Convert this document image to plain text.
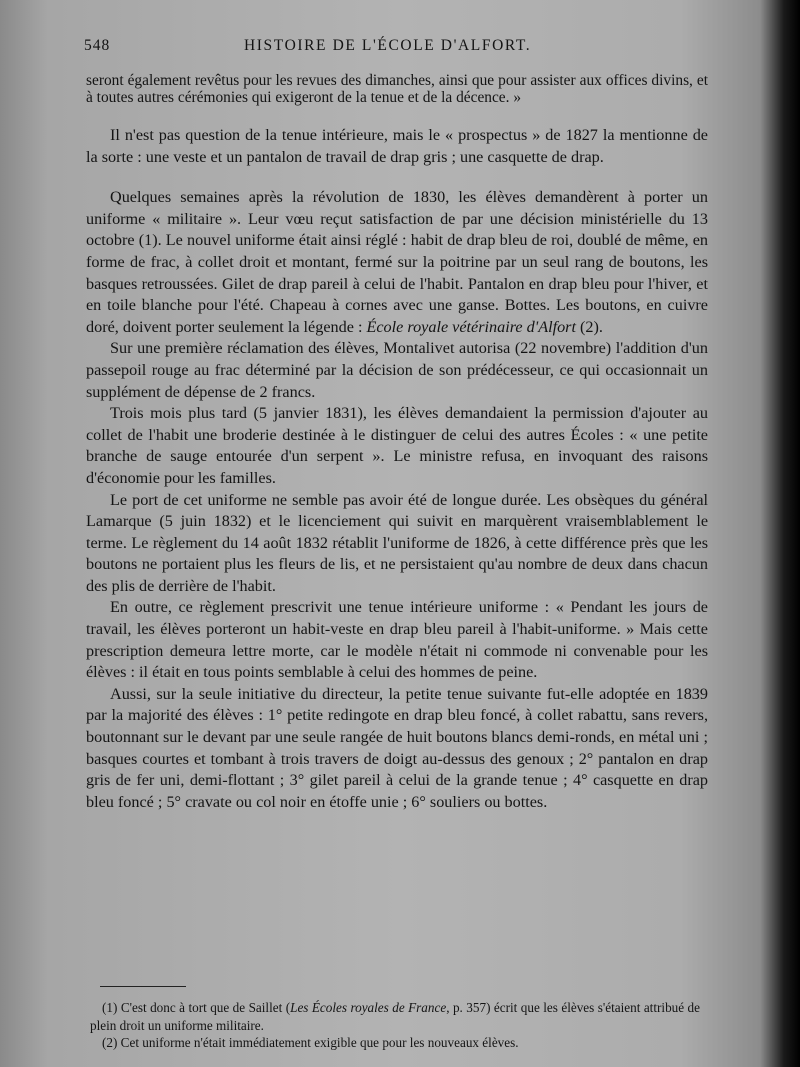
548	HISTOIRE DE L'ÉCOLE D'ALFORT.

seront également revêtus pour les revues des dimanches, ainsi que pour assister aux offices divins, et à toutes autres cérémonies qui exigeront de la tenue et de la décence. »

Il n'est pas question de la tenue intérieure, mais le « prospectus » de 1827 la mentionne de la sorte : une veste et un pantalon de travail de drap gris ; une casquette de drap.

Quelques semaines après la révolution de 1830, les élèves demandèrent à porter un uniforme « militaire ». Leur vœu reçut satisfaction de par une décision ministérielle du 13 octobre (1). Le nouvel uniforme était ainsi réglé : habit de drap bleu de roi, doublé de même, en forme de frac, à collet droit et montant, fermé sur la poitrine par un seul rang de boutons, les basques retroussées. Gilet de drap pareil à celui de l'habit. Pantalon en drap bleu pour l'hiver, et en toile blanche pour l'été. Chapeau à cornes avec une ganse. Bottes. Les boutons, en cuivre doré, doivent porter seulement la légende : École royale vétérinaire d'Alfort (2).

Sur une première réclamation des élèves, Montalivet autorisa (22 novembre) l'addition d'un passepoil rouge au frac déterminé par la décision de son prédécesseur, ce qui occasionnait un supplément de dépense de 2 francs.

Trois mois plus tard (5 janvier 1831), les élèves demandaient la permission d'ajouter au collet de l'habit une broderie destinée à le distinguer de celui des autres Écoles : « une petite branche de sauge entourée d'un serpent ». Le ministre refusa, en invoquant des raisons d'économie pour les familles.

Le port de cet uniforme ne semble pas avoir été de longue durée. Les obsèques du général Lamarque (5 juin 1832) et le licenciement qui suivit en marquèrent vraisemblablement le terme. Le règlement du 14 août 1832 rétablit l'uniforme de 1826, à cette différence près que les boutons ne portaient plus les fleurs de lis, et ne persistaient qu'au nombre de deux dans chacun des plis de derrière de l'habit.

En outre, ce règlement prescrivit une tenue intérieure uniforme : « Pendant les jours de travail, les élèves porteront un habit-veste en drap bleu pareil à l'habit-uniforme. » Mais cette prescription demeura lettre morte, car le modèle n'était ni commode ni convenable pour les élèves : il était en tous points semblable à celui des hommes de peine.

Aussi, sur la seule initiative du directeur, la petite tenue suivante fut-elle adoptée en 1839 par la majorité des élèves : 1° petite redingote en drap bleu foncé, à collet rabattu, sans revers, boutonnant sur le devant par une seule rangée de huit boutons blancs demi-ronds, en métal uni ; basques courtes et tombant à trois travers de doigt au-dessus des genoux ; 2° pantalon en drap gris de fer uni, demi-flottant ; 3° gilet pareil à celui de la grande tenue ; 4° casquette en drap bleu foncé ; 5° cravate ou col noir en étoffe unie ; 6° souliers ou bottes.

(1) C'est donc à tort que de Saillet (Les Écoles royales de France, p. 357) écrit que les élèves s'étaient attribué de plein droit un uniforme militaire.

(2) Cet uniforme n'était immédiatement exigible que pour les nouveaux élèves.
